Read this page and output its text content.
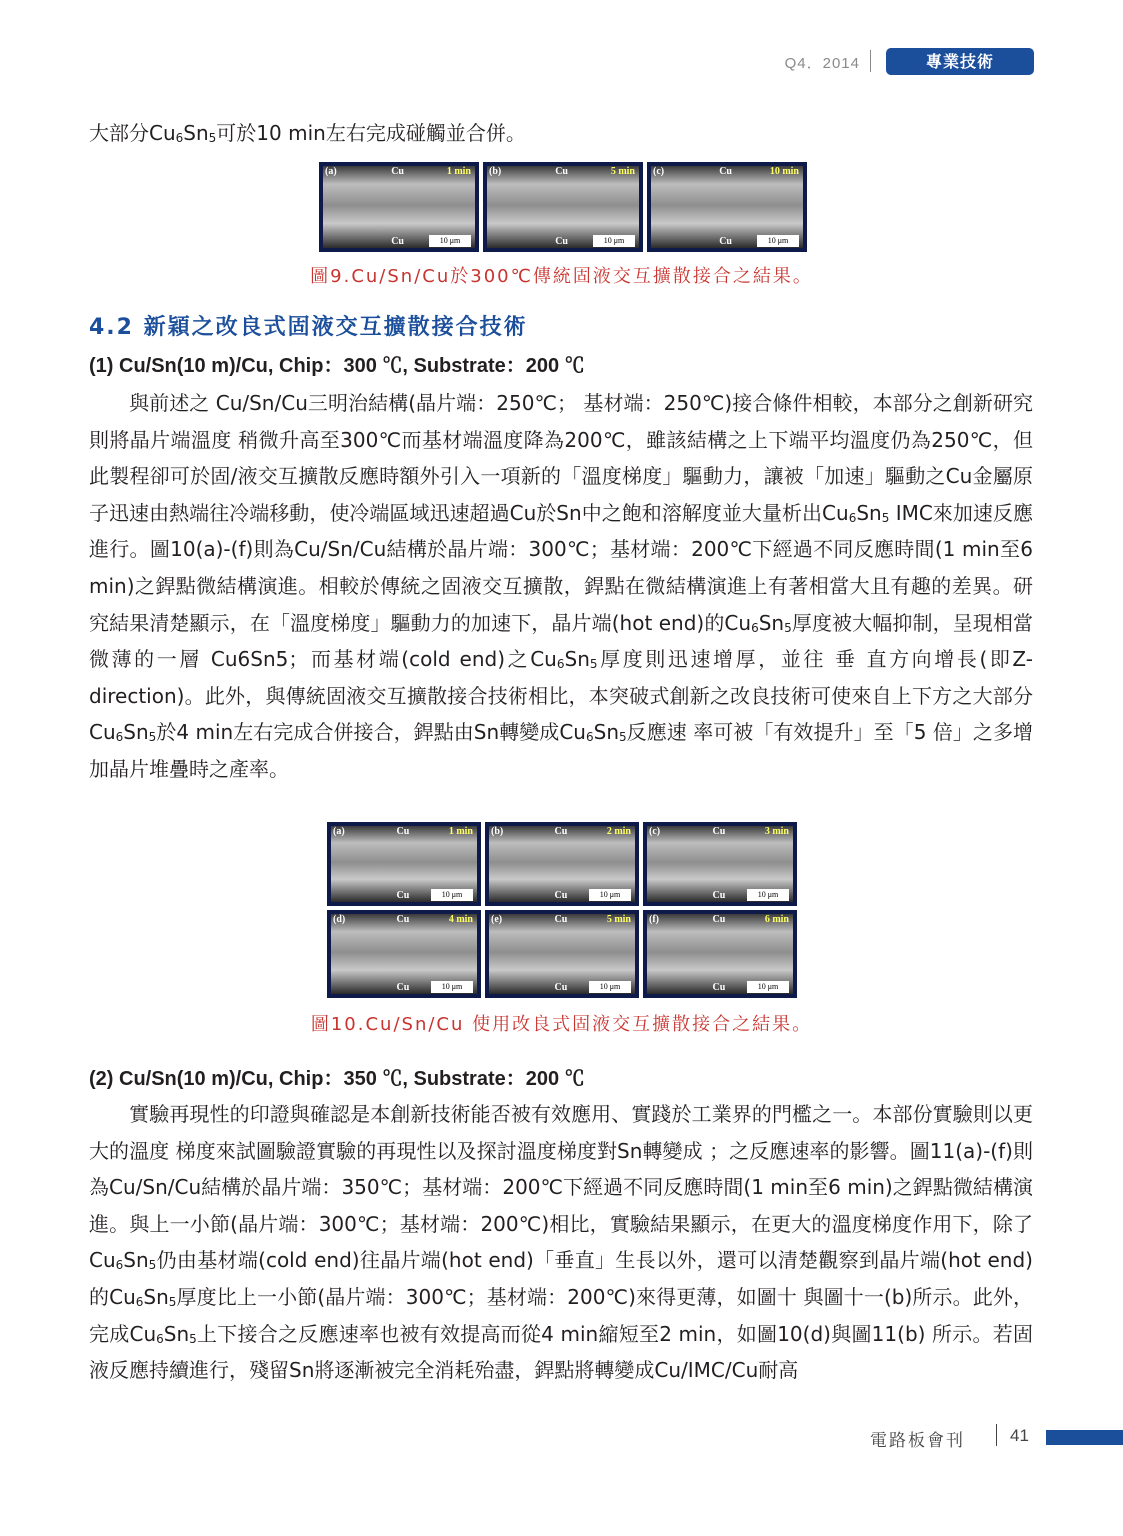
Q4．2014	專業技術

大部分$Cu_6Sn_5$可於10 min左右完成碰觸並合併。

(a)	Cu	1 min
Cu	10 μm
(b)	Cu	5 min
Cu	10 μm
(c)	Cu	10 min
Cu	10 μm
圖9.Cu/Sn/Cu於300℃傳統固液交互擴散接合之結果。
4.2 新穎之改良式固液交互擴散接合技術
(1) Cu/Sn(10 m)/Cu, Chip：300 ℃, Substrate：200 ℃

　　與前述之 Cu/Sn/Cu三明治結構(晶片端：250℃； 基材端：250℃)接合條件相較，本部分之創新研究則將晶片端溫度 稍微升高至300℃而基材端溫度降為200℃，雖該結構之上下端平均溫度仍為250℃，但此製程卻可於固/液交互擴散反應時額外引入一項新的「溫度梯度」驅動力，讓被「加速」驅動之Cu金屬原子迅速由熱端往冷端移動，使冷端區域迅速超過Cu於Sn中之飽和溶解度並大量析出$Cu_6Sn_5$ IMC來加速反應進行。圖10(a)-(f)則為Cu/Sn/Cu結構於晶片端：300℃；基材端：200℃下經過不同反應時間(1 min至6 min)之銲點微結構演進。相較於傳統之固液交互擴散，銲點在微結構演進上有著相當大且有趣的差異。研究結果清楚顯示，在「溫度梯度」驅動力的加速下，晶片端(hot end)的$Cu_6Sn_5$厚度被大幅抑制，呈現相當微薄的一層 Cu6Sn5；而基材端(cold end)之$Cu_6Sn_5$厚度則迅速增厚，並往 垂 直方向增長(即Z-direction)。此外，與傳統固液交互擴散接合技術相比，本突破式創新之改良技術可使來自上下方之大部分$Cu_6Sn_5$於4 min左右完成合併接合，銲點由Sn轉變成$Cu_6Sn_5$反應速 率可被「有效提升」至「5 倍」之多增加晶片堆疊時之產率。

(a)	Cu	1 min
Cu	10 μm
(b)	Cu	2 min
Cu	10 μm
(c)	Cu	3 min
Cu	10 μm
(d)	Cu	4 min
Cu	10 μm
(e)	Cu	5 min
Cu	10 μm
(f)	Cu	6 min
Cu	10 μm
圖10.Cu/Sn/Cu 使用改良式固液交互擴散接合之結果。
(2) Cu/Sn(10 m)/Cu, Chip：350 ℃, Substrate：200 ℃

　　實驗再現性的印證與確認是本創新技術能否被有效應用、實踐於工業界的門檻之一。本部份實驗則以更大的溫度 梯度來試圖驗證實驗的再現性以及探討溫度梯度對Sn轉變成 ；之反應速率的影響。圖11(a)-(f)則為Cu/Sn/Cu結構於晶片端：350℃；基材端：200℃下經過不同反應時間(1 min至6 min)之銲點微結構演進。與上一小節(晶片端：300℃；基材端：200℃)相比，實驗結果顯示，在更大的溫度梯度作用下，除了$Cu_6Sn_5$仍由基材端(cold end)往晶片端(hot end)「垂直」生長以外，還可以清楚觀察到晶片端(hot end)的$Cu_6Sn_5$厚度比上一小節(晶片端：300℃；基材端：200℃)來得更薄，如圖十 與圖十一(b)所示。此外，完成$Cu_6Sn_5$上下接合之反應速率也被有效提高而從4 min縮短至2 min，如圖10(d)與圖11(b) 所示。若固液反應持續進行，殘留Sn將逐漸被完全消耗殆盡，銲點將轉變成Cu/IMC/Cu耐高

電路板會刊	41
